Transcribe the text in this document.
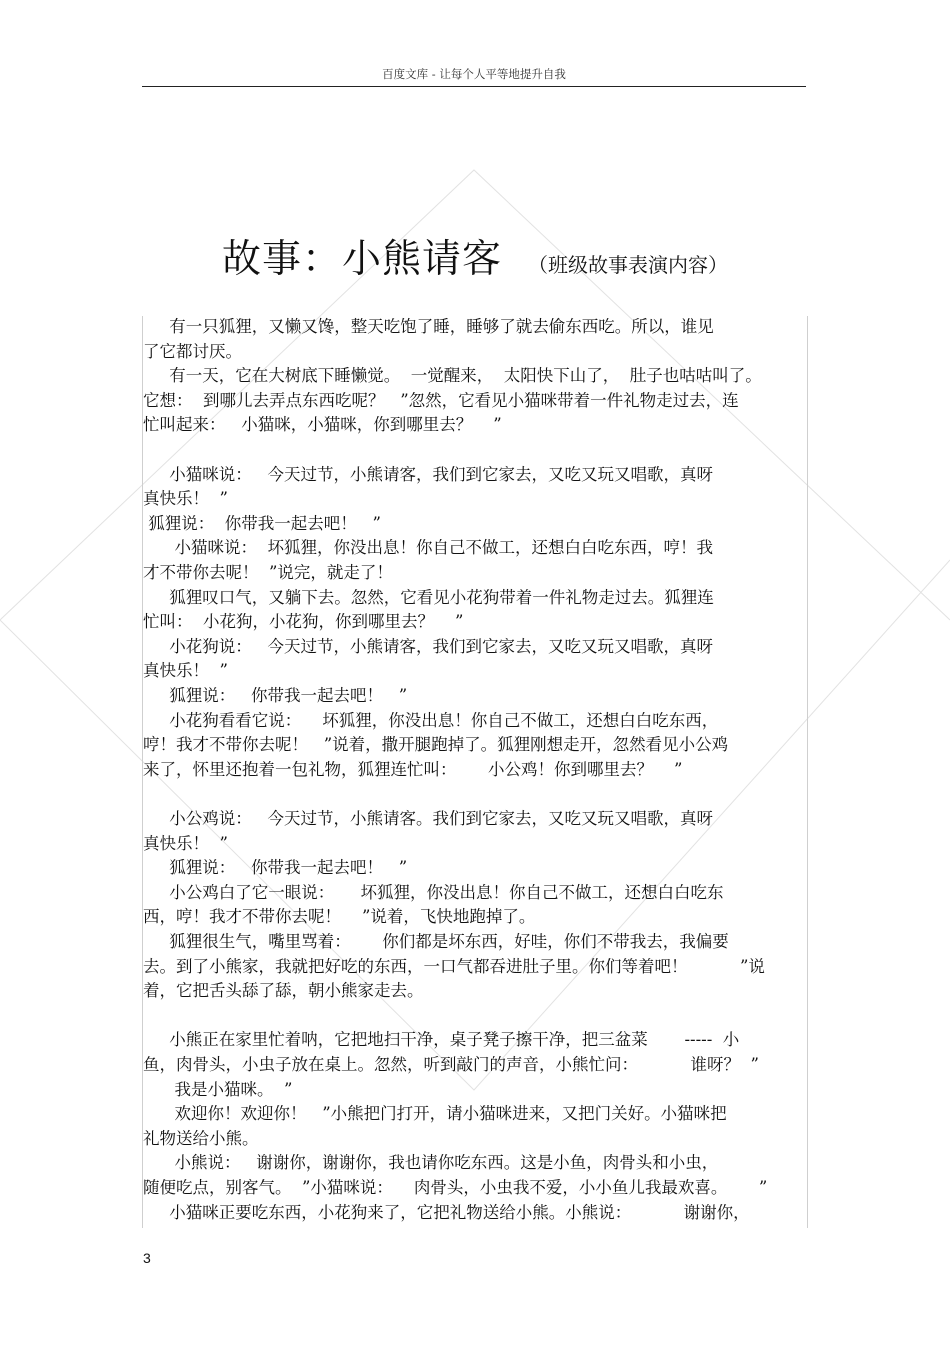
百度文库 - 让每个人平等地提升自我
故事：小熊请客 （班级故事表演内容）
有一只狐狸，又懒又馋，整天吃饱了睡，睡够了就去偷东西吃。所以，谁见
了它都讨厌。
有一天，它在大树底下睡懒觉。  一觉醒来，  太阳快下山了，  肚子也咕咕叫了。
它想：  到哪儿去弄点东西吃呢？   ”忽然，它看见小猫咪带着一件礼物走过去，连
忙叫起来：   小猫咪，小猫咪，你到哪里去？    ”
小猫咪说：   今天过节，小熊请客，我们到它家去，又吃又玩又唱歌，真呀
真快乐！  ”
狐狸说：  你带我一起去吧！   ”
小猫咪说：  坏狐狸，你没出息！你自己不做工，还想白白吃东西，哼！我
才不带你去呢！  ”说完，就走了！
狐狸叹口气，又躺下去。忽然，它看见小花狗带着一件礼物走过去。狐狸连
忙叫：  小花狗，小花狗，你到哪里去？    ”
小花狗说：   今天过节，小熊请客，我们到它家去，又吃又玩又唱歌，真呀
真快乐！  ”
狐狸说：   你带我一起去吧！   ”
小花狗看看它说：    坏狐狸，你没出息！你自己不做工，还想白白吃东西，
哼！我才不带你去呢！   ”说着，撒开腿跑掉了。狐狸刚想走开，忽然看见小公鸡
来了，怀里还抱着一包礼物，狐狸连忙叫：      小公鸡！你到哪里去？    ”
小公鸡说：   今天过节，小熊请客。我们到它家去，又吃又玩又唱歌，真呀
真快乐！  ”
狐狸说：   你带我一起去吧！   ”
小公鸡白了它一眼说：     坏狐狸，你没出息！你自己不做工，还想白白吃东
西，哼！我才不带你去呢！    ”说着，飞快地跑掉了。
狐狸很生气，嘴里骂着：      你们都是坏东西，好哇，你们不带我去，我偏要
去。到了小熊家，我就把好吃的东西，一口气都吞进肚子里。你们等着吧！          ”说
着，它把舌头舔了舔，朝小熊家走去。
小熊正在家里忙着呐，它把地扫干净，桌子凳子擦干净，把三盆菜       -----  小
鱼，肉骨头，小虫子放在桌上。忽然，听到敲门的声音，小熊忙问：          谁呀？  ”
我是小猫咪。  ”
欢迎你！欢迎你！   ”小熊把门打开，请小猫咪进来，又把门关好。小猫咪把
礼物送给小熊。
小熊说：   谢谢你，谢谢你，我也请你吃东西。这是小鱼，肉骨头和小虫，
随便吃点，别客气。  ”小猫咪说：    肉骨头，小虫我不爱，小小鱼儿我最欢喜。      ”
小猫咪正要吃东西，小花狗来了，它把礼物送给小熊。小熊说：          谢谢你，
3
